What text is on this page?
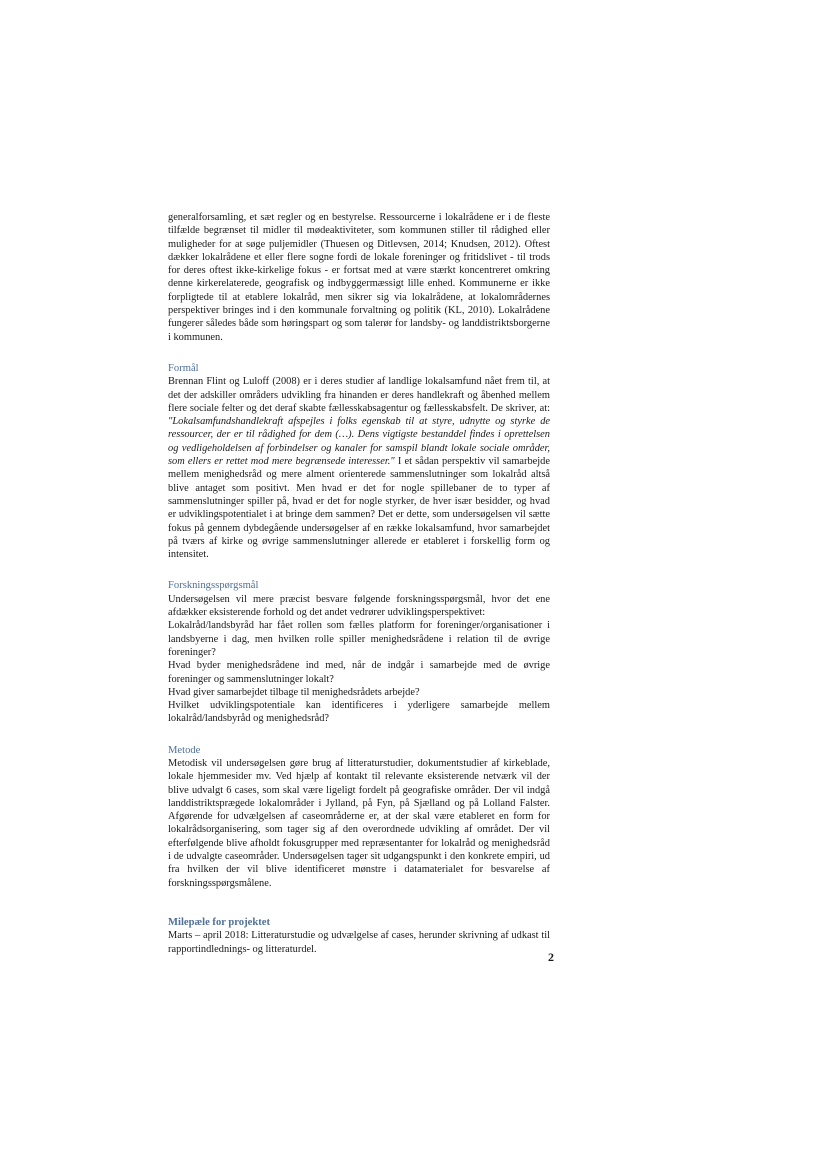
generalforsamling, et sæt regler og en bestyrelse. Ressourcerne i lokalrådene er i de fleste tilfælde begrænset til midler til mødeaktiviteter, som kommunen stiller til rådighed eller muligheder for at søge puljemidler (Thuesen og Ditlevsen, 2014; Knudsen, 2012). Oftest dækker lokalrådene et eller flere sogne fordi de lokale foreninger og fritidslivet - til trods for deres oftest ikke-kirkelige fokus - er fortsat med at være stærkt koncentreret omkring denne kirkerelaterede, geografisk og indbyggermæssigt lille enhed. Kommunerne er ikke forpligtede til at etablere lokalråd, men sikrer sig via lokalrådene, at lokalområdernes perspektiver bringes ind i den kommunale forvaltning og politik (KL, 2010). Lokalrådene fungerer således både som høringspart og som talerør for landsby- og landdistriktsborgerne i kommunen.

Formål

Brennan Flint og Luloff (2008) er i deres studier af landlige lokalsamfund nået frem til, at det der adskiller områders udvikling fra hinanden er deres handlekraft og åbenhed mellem flere sociale felter og det deraf skabte fællesskabsagentur og fællesskabsfelt. De skriver, at: "Lokalsamfundshandlekraft afspejles i folks egenskab til at styre, udnytte og styrke de ressourcer, der er til rådighed for dem (…). Dens vigtigste bestanddel findes i oprettelsen og vedligeholdelsen af forbindelser og kanaler for samspil blandt lokale sociale områder, som ellers er rettet mod mere begrænsede interesser." I et sådan perspektiv vil samarbejde mellem menighedsråd og mere alment orienterede sammenslutninger som lokalråd altså blive antaget som positivt. Men hvad er det for nogle spillebaner de to typer af sammenslutninger spiller på, hvad er det for nogle styrker, de hver især besidder, og hvad er udviklingspotentialet i at bringe dem sammen? Det er dette, som undersøgelsen vil sætte fokus på gennem dybdegående undersøgelser af en række lokalsamfund, hvor samarbejdet på tværs af kirke og øvrige sammenslutninger allerede er etableret i forskellig form og intensitet.

Forskningsspørgsmål

Undersøgelsen vil mere præcist besvare følgende forskningsspørgsmål, hvor det ene afdækker eksisterende forhold og det andet vedrører udviklingsperspektivet:

Lokalråd/landsbyråd har fået rollen som fælles platform for foreninger/organisationer i landsbyerne i dag, men hvilken rolle spiller menighedsrådene i relation til de øvrige foreninger?

Hvad byder menighedsrådene ind med, når de indgår i samarbejde med de øvrige foreninger og sammenslutninger lokalt?

Hvad giver samarbejdet tilbage til menighedsrådets arbejde?

Hvilket udviklingspotentiale kan identificeres i yderligere samarbejde mellem lokalråd/landsbyråd og menighedsråd?

Metode

Metodisk vil undersøgelsen gøre brug af litteraturstudier, dokumentstudier af kirkeblade, lokale hjemmesider mv. Ved hjælp af kontakt til relevante eksisterende netværk vil der blive udvalgt 6 cases, som skal være ligeligt fordelt på geografiske områder. Der vil indgå landdistriktsprægede lokalområder i Jylland, på Fyn, på Sjælland og på Lolland Falster. Afgørende for udvælgelsen af caseområderne er, at der skal være etableret en form for lokalrådsorganisering, som tager sig af den overordnede udvikling af området. Der vil efterfølgende blive afholdt fokusgrupper med repræsentanter for lokalråd og menighedsråd i de udvalgte caseområder. Undersøgelsen tager sit udgangspunkt i den konkrete empiri, ud fra hvilken der vil blive identificeret mønstre i datamaterialet for besvarelse af forskningsspørgsmålene.

Milepæle for projektet

Marts – april 2018: Litteraturstudie og udvælgelse af cases, herunder skrivning af udkast til rapportindlednings- og litteraturdel.

2
